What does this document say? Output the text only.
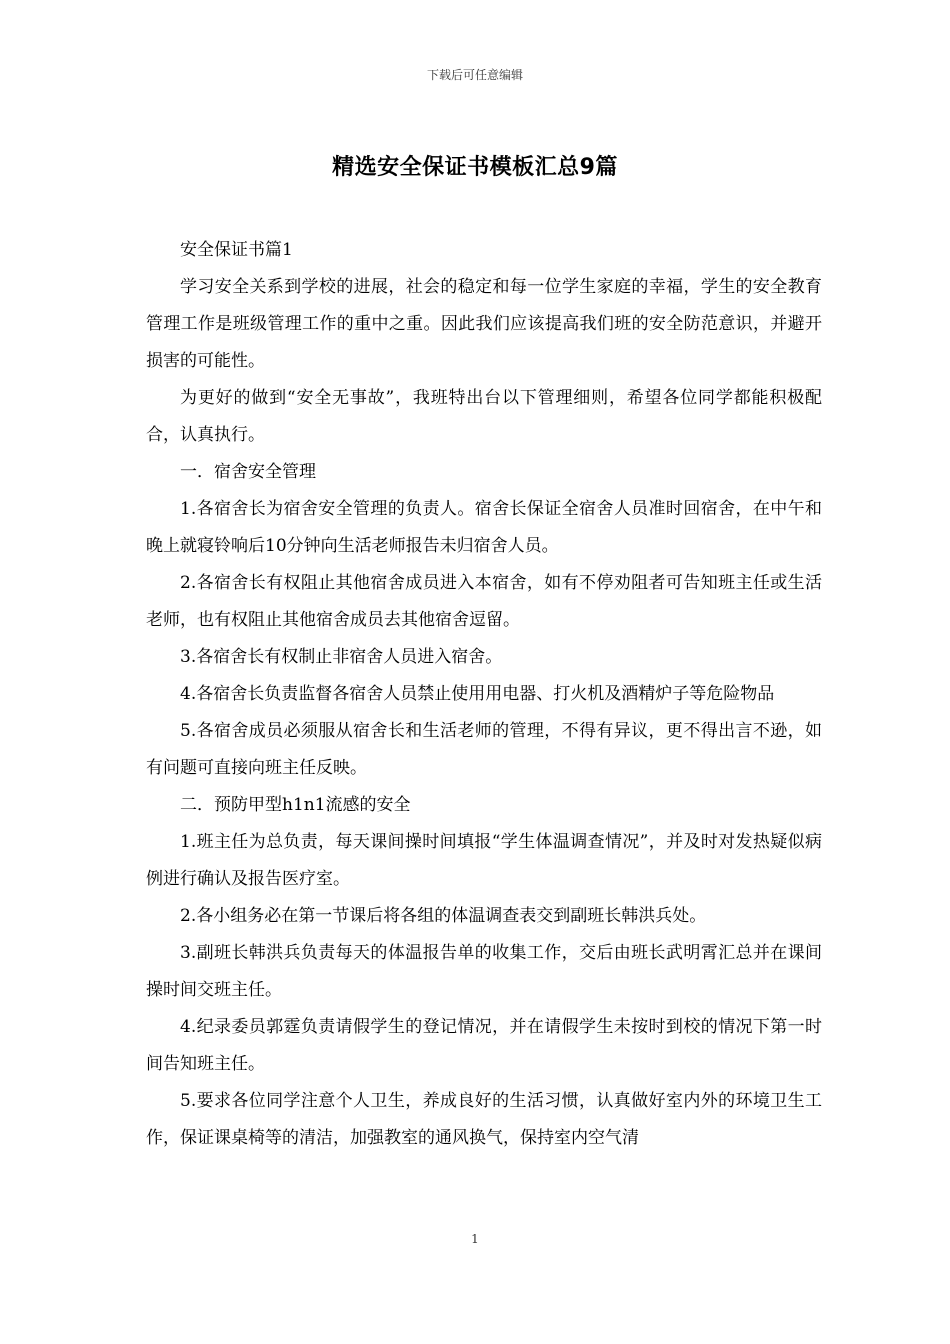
下载后可任意编辑
精选安全保证书模板汇总9篇

安全保证书篇1

学习安全关系到学校的进展，社会的稳定和每一位学生家庭的幸福，学生的安全教育管理工作是班级管理工作的重中之重。因此我们应该提高我们班的安全防范意识，并避开损害的可能性。

为更好的做到“安全无事故”，我班特出台以下管理细则，希望各位同学都能积极配合，认真执行。

一．宿舍安全管理

1.各宿舍长为宿舍安全管理的负责人。宿舍长保证全宿舍人员准时回宿舍，在中午和晚上就寝铃响后10分钟向生活老师报告未归宿舍人员。

2.各宿舍长有权阻止其他宿舍成员进入本宿舍，如有不停劝阻者可告知班主任或生活老师，也有权阻止其他宿舍成员去其他宿舍逗留。

3.各宿舍长有权制止非宿舍人员进入宿舍。

4.各宿舍长负责监督各宿舍人员禁止使用用电器、打火机及酒精炉子等危险物品

5.各宿舍成员必须服从宿舍长和生活老师的管理，不得有异议，更不得出言不逊，如有问题可直接向班主任反映。

二．预防甲型h1n1流感的安全

1.班主任为总负责，每天课间操时间填报“学生体温调查情况”，并及时对发热疑似病例进行确认及报告医疗室。

2.各小组务必在第一节课后将各组的体温调查表交到副班长韩洪兵处。

3.副班长韩洪兵负责每天的体温报告单的收集工作，交后由班长武明霄汇总并在课间操时间交班主任。

4.纪录委员郭霆负责请假学生的登记情况，并在请假学生未按时到校的情况下第一时间告知班主任。

5.要求各位同学注意个人卫生，养成良好的生活习惯，认真做好室内外的环境卫生工作，保证课桌椅等的清洁，加强教室的通风换气，保持室内空气清

1
